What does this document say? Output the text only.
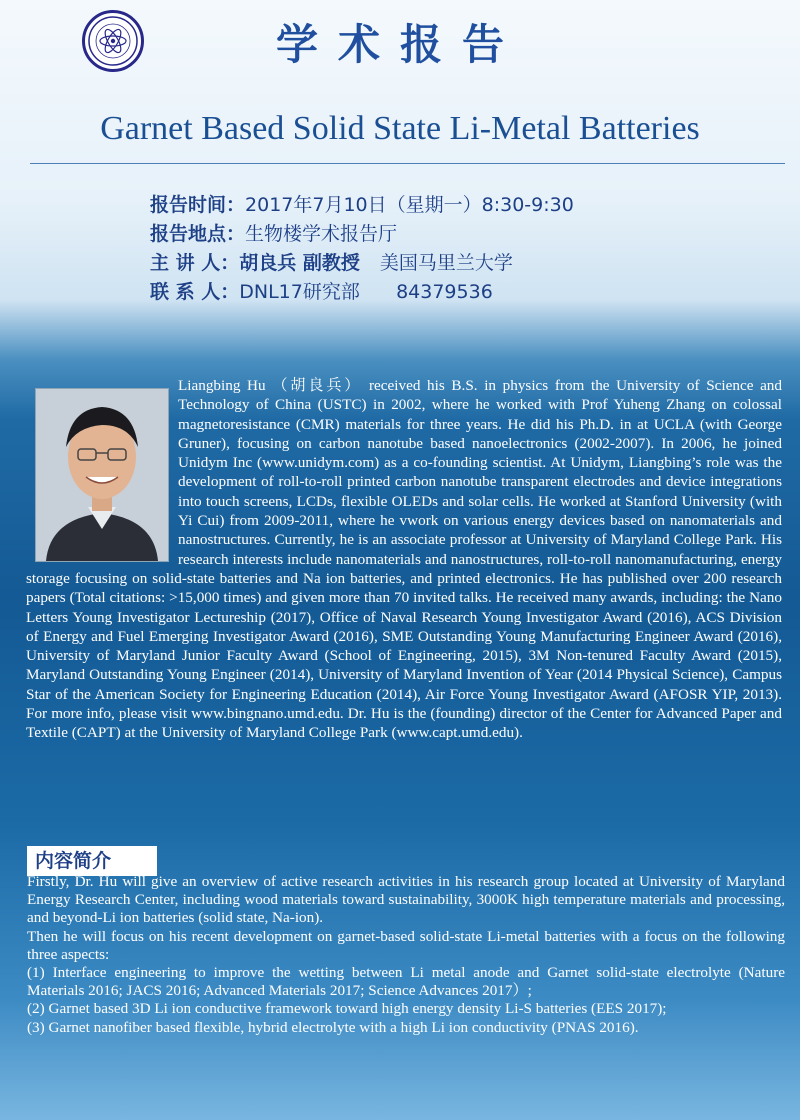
学术报告
Garnet Based Solid State Li-Metal Batteries
报告时间：2017年7月10日（星期一）8:30-9:30
报告地点：生物楼学术报告厅
主 讲 人：胡良兵 副教授 美国马里兰大学
联 系 人：DNL17研究部      84379536
Liangbing Hu （胡良兵） received his B.S. in physics from the University of Science and Technology of China (USTC) in 2002, where he worked with Prof Yuheng Zhang on colossal magnetoresistance (CMR) materials for three years. He did his Ph.D. in at UCLA (with George Gruner), focusing on carbon nanotube based nanoelectronics (2002-2007). In 2006, he joined Unidym Inc (www.unidym.com) as a co-founding scientist. At Unidym, Liangbing’s role was the development of roll-to-roll printed carbon nanotube transparent electrodes and device integrations into touch screens, LCDs, flexible OLEDs and solar cells. He worked at Stanford University (with Yi Cui) from 2009-2011, where he vwork on various energy devices based on nanomaterials and nanostructures. Currently, he is an associate professor at University of Maryland College Park. His research interests include nanomaterials and nanostructures, roll-to-roll nanomanufacturing, energy storage focusing on solid-state batteries and Na ion batteries, and printed electronics. He has published over 200 research papers (Total citations: >15,000 times) and given more than 70 invited talks. He received many awards, including: the Nano Letters Young Investigator Lectureship (2017), Office of Naval Research Young Investigator Award (2016), ACS Division of Energy and Fuel Emerging Investigator Award (2016), SME Outstanding Young Manufacturing Engineer Award (2016), University of Maryland Junior Faculty Award (School of Engineering, 2015), 3M Non-tenured Faculty Award (2015), Maryland Outstanding Young Engineer (2014), University of Maryland Invention of Year (2014 Physical Science), Campus Star of the American Society for Engineering Education (2014), Air Force Young Investigator Award (AFOSR YIP, 2013). For more info, please visit www.bingnano.umd.edu. Dr. Hu is the (founding) director of the Center for Advanced Paper and Textile (CAPT) at the University of Maryland College Park (www.capt.umd.edu).
内容简介

Firstly, Dr. Hu will give an overview of active research activities in his research group located at University of Maryland Energy Research Center, including wood materials toward sustainability, 3000K high temperature materials and processing, and beyond-Li ion batteries (solid state, Na-ion).

Then he will focus on his recent development on garnet-based solid-state Li-metal batteries with a focus on the following three aspects:

(1) Interface engineering to improve the wetting between Li metal anode and Garnet solid-state electrolyte (Nature Materials 2016; JACS 2016; Advanced Materials 2017; Science Advances 2017）;

(2) Garnet based 3D Li ion conductive framework toward high energy density Li-S batteries (EES 2017);

(3) Garnet nanofiber based flexible, hybrid electrolyte with a high Li ion conductivity (PNAS 2016).
